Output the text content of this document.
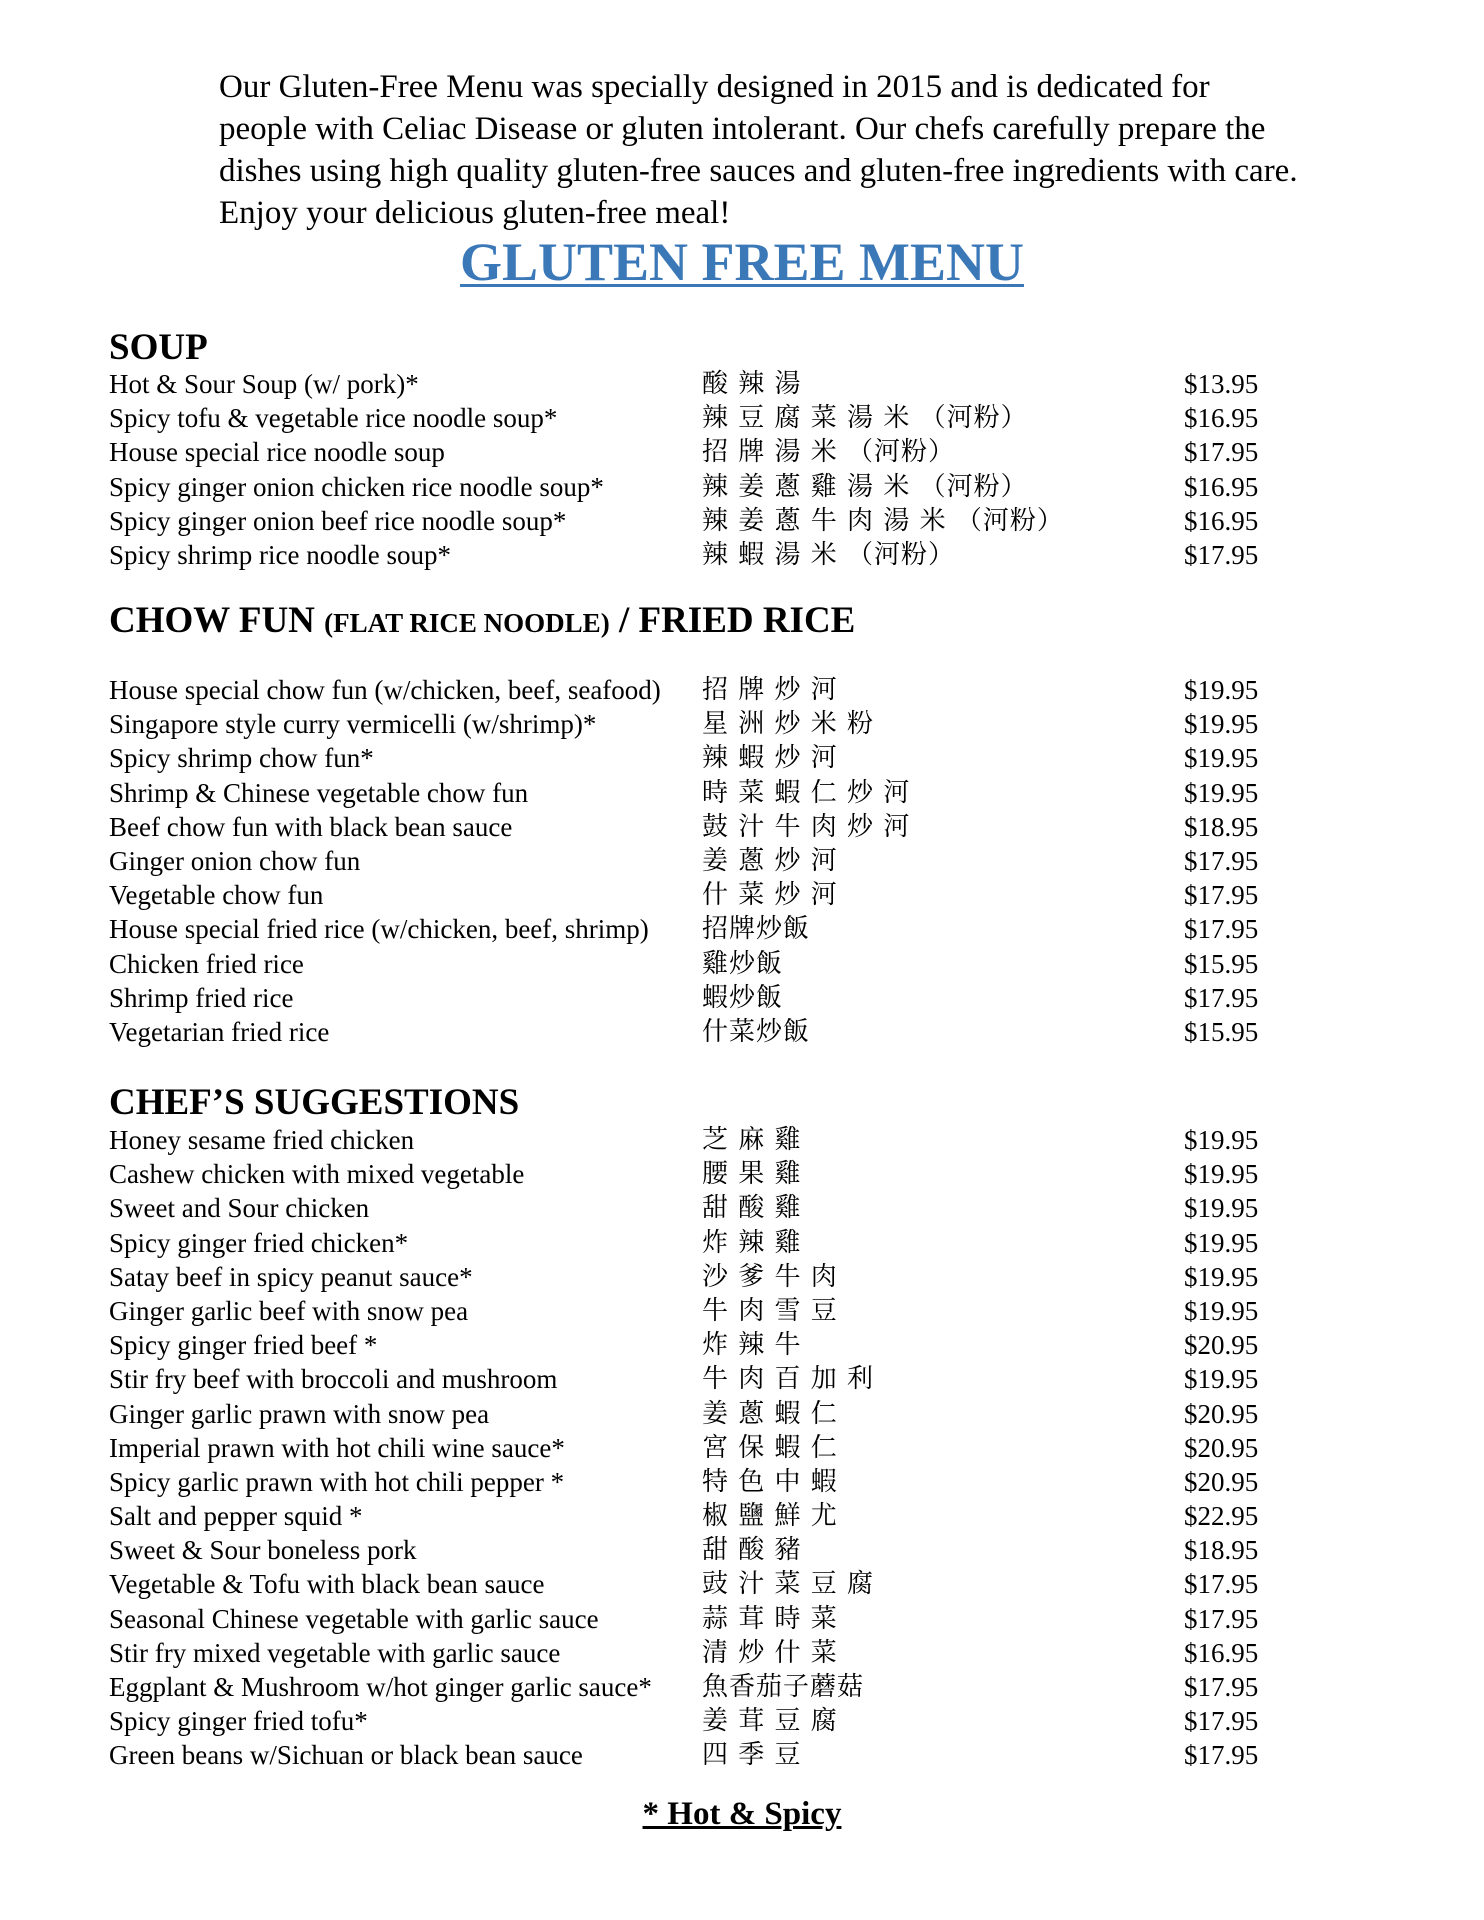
Our Gluten-Free Menu was specially designed in 2015 and is dedicated for people with Celiac Disease or gluten intolerant. Our chefs carefully prepare the dishes using high quality gluten-free sauces and gluten-free ingredients with care. Enjoy your delicious gluten-free meal!

GLUTEN FREE MENU
SOUP
Hot & Sour Soup (w/ pork)*	酸 辣 湯	$13.95
Spicy tofu & vegetable rice noodle soup*	辣 豆 腐 菜 湯 米 （河粉）	$16.95
House special rice noodle soup	招 牌 湯 米 （河粉）	$17.95
Spicy ginger onion chicken rice noodle soup*	辣 姜 蔥 雞 湯 米 （河粉）	$16.95
Spicy ginger onion beef rice noodle soup*	辣 姜 蔥 牛 肉 湯 米 （河粉）	$16.95
Spicy shrimp rice noodle soup*	辣 蝦 湯 米 （河粉）	$17.95
CHOW FUN (FLAT RICE NOODLE) / FRIED RICE
House special chow fun (w/chicken, beef, seafood) 招 牌 炒 河	$19.95
Singapore style curry vermicelli (w/shrimp)*	星 洲 炒 米 粉	$19.95
Spicy shrimp chow fun*	辣 蝦 炒 河	$19.95
Shrimp & Chinese vegetable chow fun	時 菜 蝦 仁 炒 河	$19.95
Beef chow fun with black bean sauce	鼓 汁 牛 肉 炒 河	$18.95
Ginger onion chow fun	姜 蔥 炒 河	$17.95
Vegetable chow fun	什 菜 炒 河	$17.95
House special fried rice (w/chicken, beef, shrimp) 招牌炒飯	$17.95
Chicken fried rice	雞炒飯	$15.95
Shrimp fried rice	蝦炒飯	$17.95
Vegetarian fried rice	什菜炒飯	$15.95
CHEF’S SUGGESTIONS
Honey sesame fried chicken	芝 麻 雞	$19.95
Cashew chicken with mixed vegetable	腰 果 雞	$19.95
Sweet and Sour chicken	甜 酸 雞	$19.95
Spicy ginger fried chicken*	炸 辣 雞	$19.95
Satay beef in spicy peanut sauce*	沙 爹 牛 肉	$19.95
Ginger garlic beef with snow pea	牛 肉 雪 豆	$19.95
Spicy ginger fried beef *	炸 辣 牛	$20.95
Stir fry beef with broccoli and mushroom	牛 肉 百 加 利	$19.95
Ginger garlic prawn with snow pea	姜 蔥 蝦 仁	$20.95
Imperial prawn with hot chili wine sauce*	宮 保 蝦 仁	$20.95
Spicy garlic prawn with hot chili pepper *	特 色 中 蝦	$20.95
Salt and pepper squid *	椒 鹽 鮮 尤	$22.95
Sweet & Sour boneless pork	甜 酸 豬	$18.95
Vegetable & Tofu with black bean sauce	豉 汁 菜 豆 腐	$17.95
Seasonal Chinese vegetable with garlic sauce	蒜 茸 時 菜	$17.95
Stir fry mixed vegetable with garlic sauce	清 炒 什 菜	$16.95
Eggplant & Mushroom w/hot ginger garlic sauce* 魚香茄子蘑菇	$17.95
Spicy ginger fried tofu*	姜 茸 豆 腐	$17.95
Green beans w/Sichuan or black bean sauce	四 季 豆	$17.95

* Hot & Spicy
